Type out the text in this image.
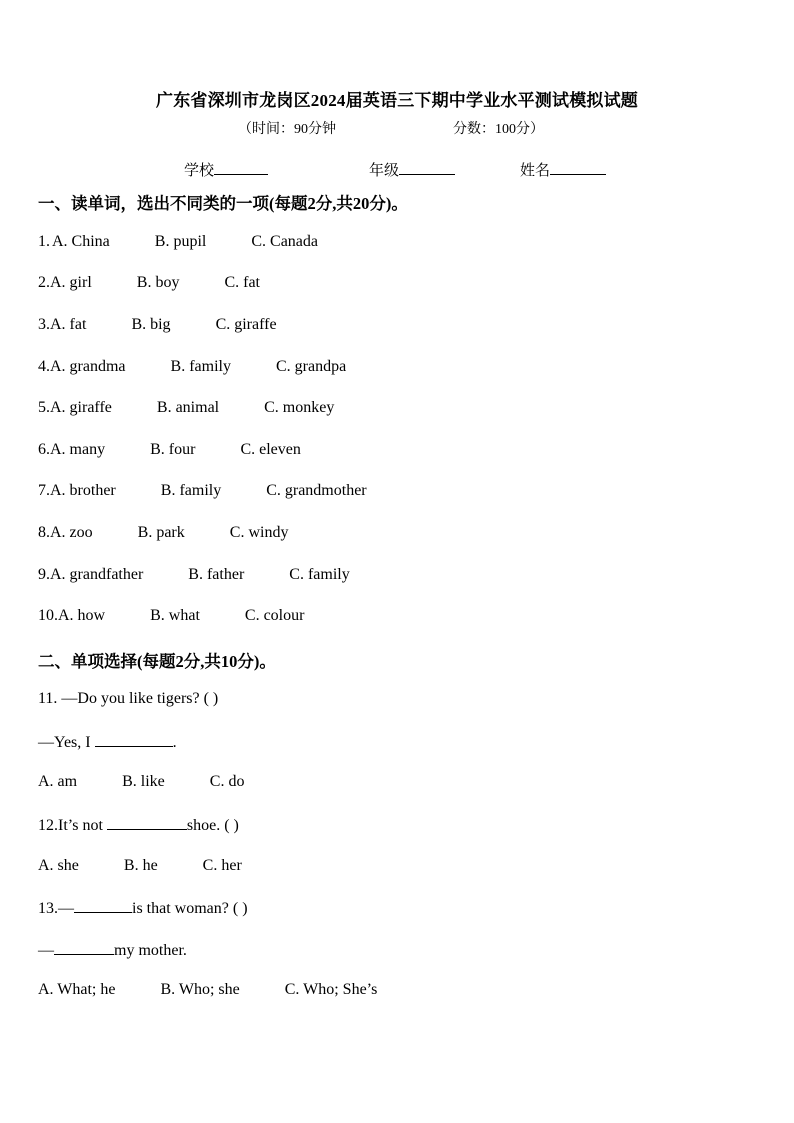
广东省深圳市龙岗区2024届英语三下期中学业水平测试模拟试题
（时间：90分钟	分数：100分）
学校	年级	姓名
一、读单词，选出不同类的一项(每题2分,共20分)。
1.A. China	B. pupil	C. Canada
2.A. girl	B. boy	C. fat
3.A. fat	B. big	C. giraffe
4.A. grandma	B. family	C. grandpa
5.A. giraffe	B. animal	C. monkey
6.A. many	B. four	C. eleven
7.A. brother	B. family	C. grandmother
8.A. zoo	B. park	C. windy
9.A. grandfather	B. father	C. family
10.A. how	B. what	C. colour
二、单项选择(每题2分,共10分)。
11. —Do you like tigers? ( )
—Yes, I	.
A. am	B. like	C. do
12.It’s not	shoe. ( )
A. she	B. he	C. her
13.—	is that woman? ( )
—	my mother.
A. What; he	B. Who; she	C. Who; She’s
